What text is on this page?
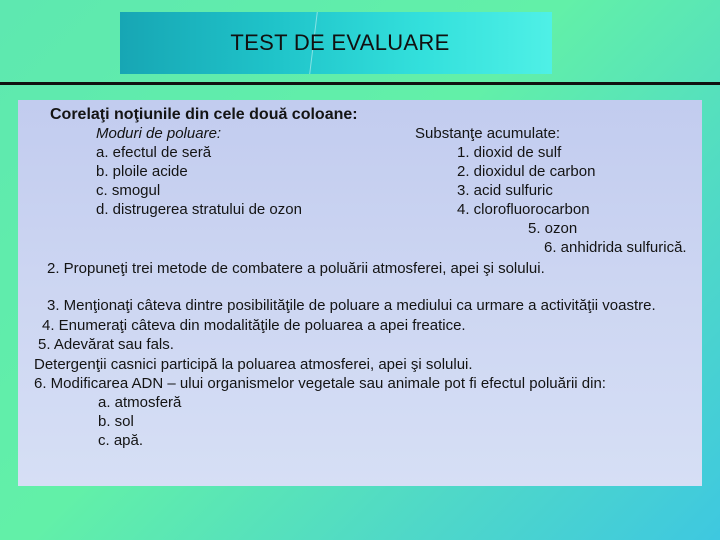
TEST DE EVALUARE
Corelaţi noţiunile din cele două coloane:
Moduri de poluare:
a. efectul de seră
b. ploile acide
c. smogul
d. distrugerea stratului de ozon
Substanţe acumulate:
1. dioxid de sulf
2. dioxidul de carbon
3. acid sulfuric
4. clorofluorocarbon
5. ozon
6. anhidrida sulfurică.
2. Propuneţi trei metode de combatere a poluării atmosferei, apei şi solului.
3. Menţionaţi câteva dintre posibilităţile de poluare a mediului ca urmare a activităţii voastre.
4. Enumeraţi câteva din modalităţile de poluarea a apei freatice.
5. Adevărat sau fals.
Detergenţii casnici participă la poluarea atmosferei, apei şi solului.
6. Modificarea ADN – ului organismelor vegetale sau animale pot fi efectul poluării din:
a. atmosferă
b. sol
c. apă.
